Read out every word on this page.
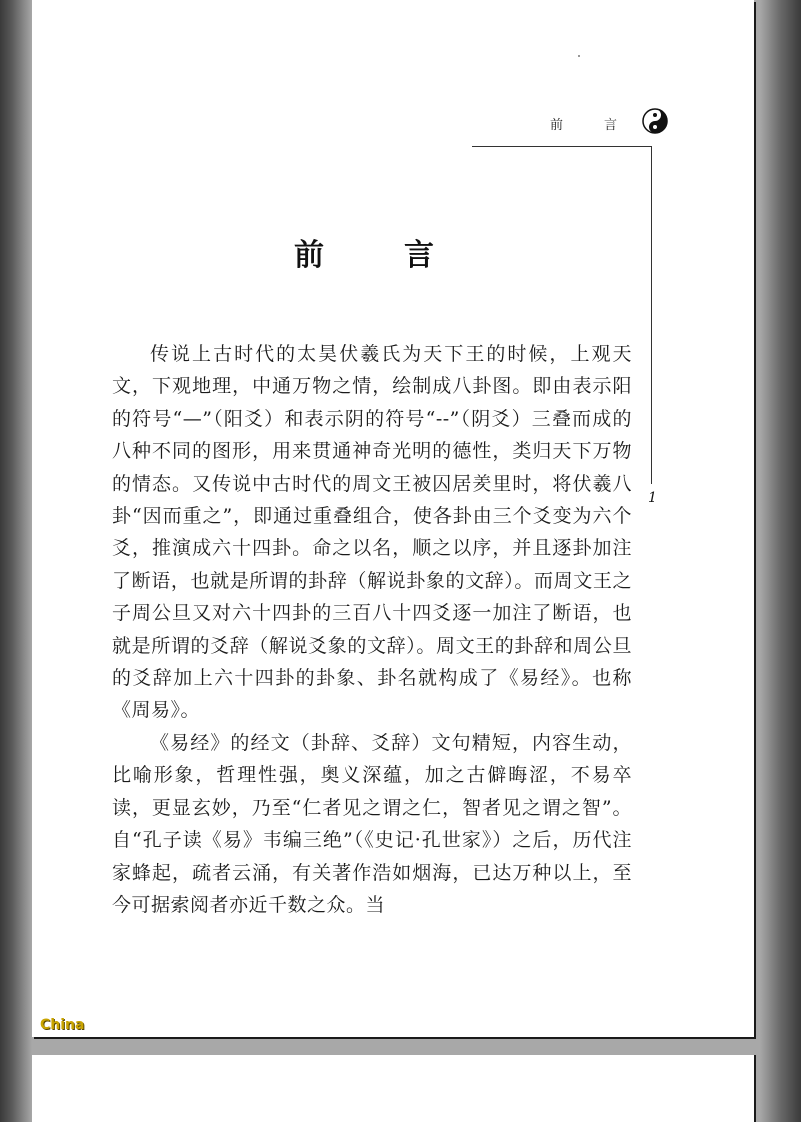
前	言
1
前	言

传说上古时代的太昊伏羲氏为天下王的时候，上观天文，下观地理，中通万物之情，绘制成八卦图。即由表示阳的符号“—”（阳爻）和表示阴的符号“--”（阴爻）三叠而成的八种不同的图形，用来贯通神奇光明的德性，类归天下万物的情态。又传说中古时代的周文王被囚居羑里时，将伏羲八卦“因而重之”，即通过重叠组合，使各卦由三个爻变为六个爻，推演成六十四卦。命之以名，顺之以序，并且逐卦加注了断语，也就是所谓的卦辞（解说卦象的文辞）。而周文王之子周公旦又对六十四卦的三百八十四爻逐一加注了断语，也就是所谓的爻辞（解说爻象的文辞）。周文王的卦辞和周公旦的爻辞加上六十四卦的卦象、卦名就构成了《易经》。也称《周易》。

《易经》的经文（卦辞、爻辞）文句精短，内容生动，比喻形象，哲理性强，奥义深蕴，加之古僻晦涩，不易卒读，更显玄妙，乃至“仁者见之谓之仁，智者见之谓之智”。自“孔子读《易》韦编三绝”（《史记·孔世家》）之后，历代注家蜂起，疏者云涌，有关著作浩如烟海，已达万种以上，至今可据索阅者亦近千数之众。当

China
